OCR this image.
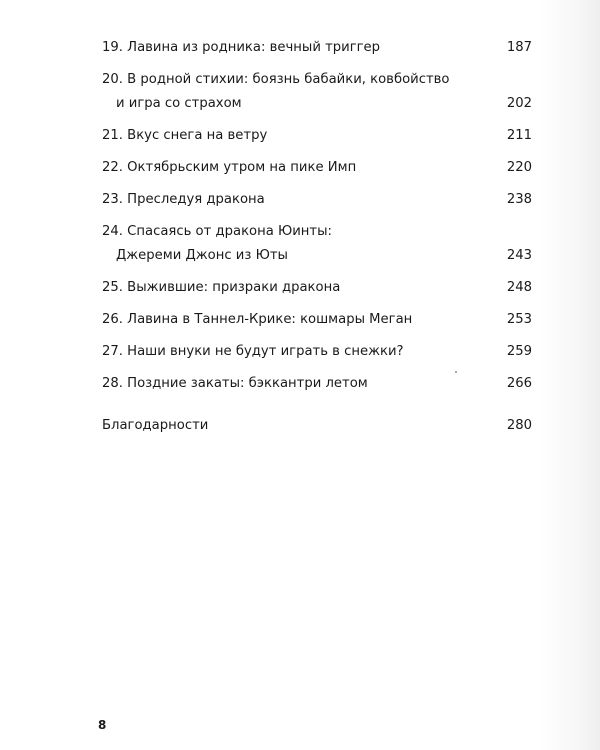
19. Лавина из родника: вечный триггер	187
20. В родной стихии: боязнь бабайки, ковбойство
и игра со страхом	202
21. Вкус снега на ветру	211
22. Октябрьским утром на пике Имп	220
23. Преследуя дракона	238
24. Спасаясь от дракона Юинты:
Джереми Джонс из Юты	243
25. Выжившие: призраки дракона	248
26. Лавина в Таннел-Крике: кошмары Меган	253
27. Наши внуки не будут играть в снежки?	259
28. Поздние закаты: бэккантри летом	266
Благодарности	280
8
